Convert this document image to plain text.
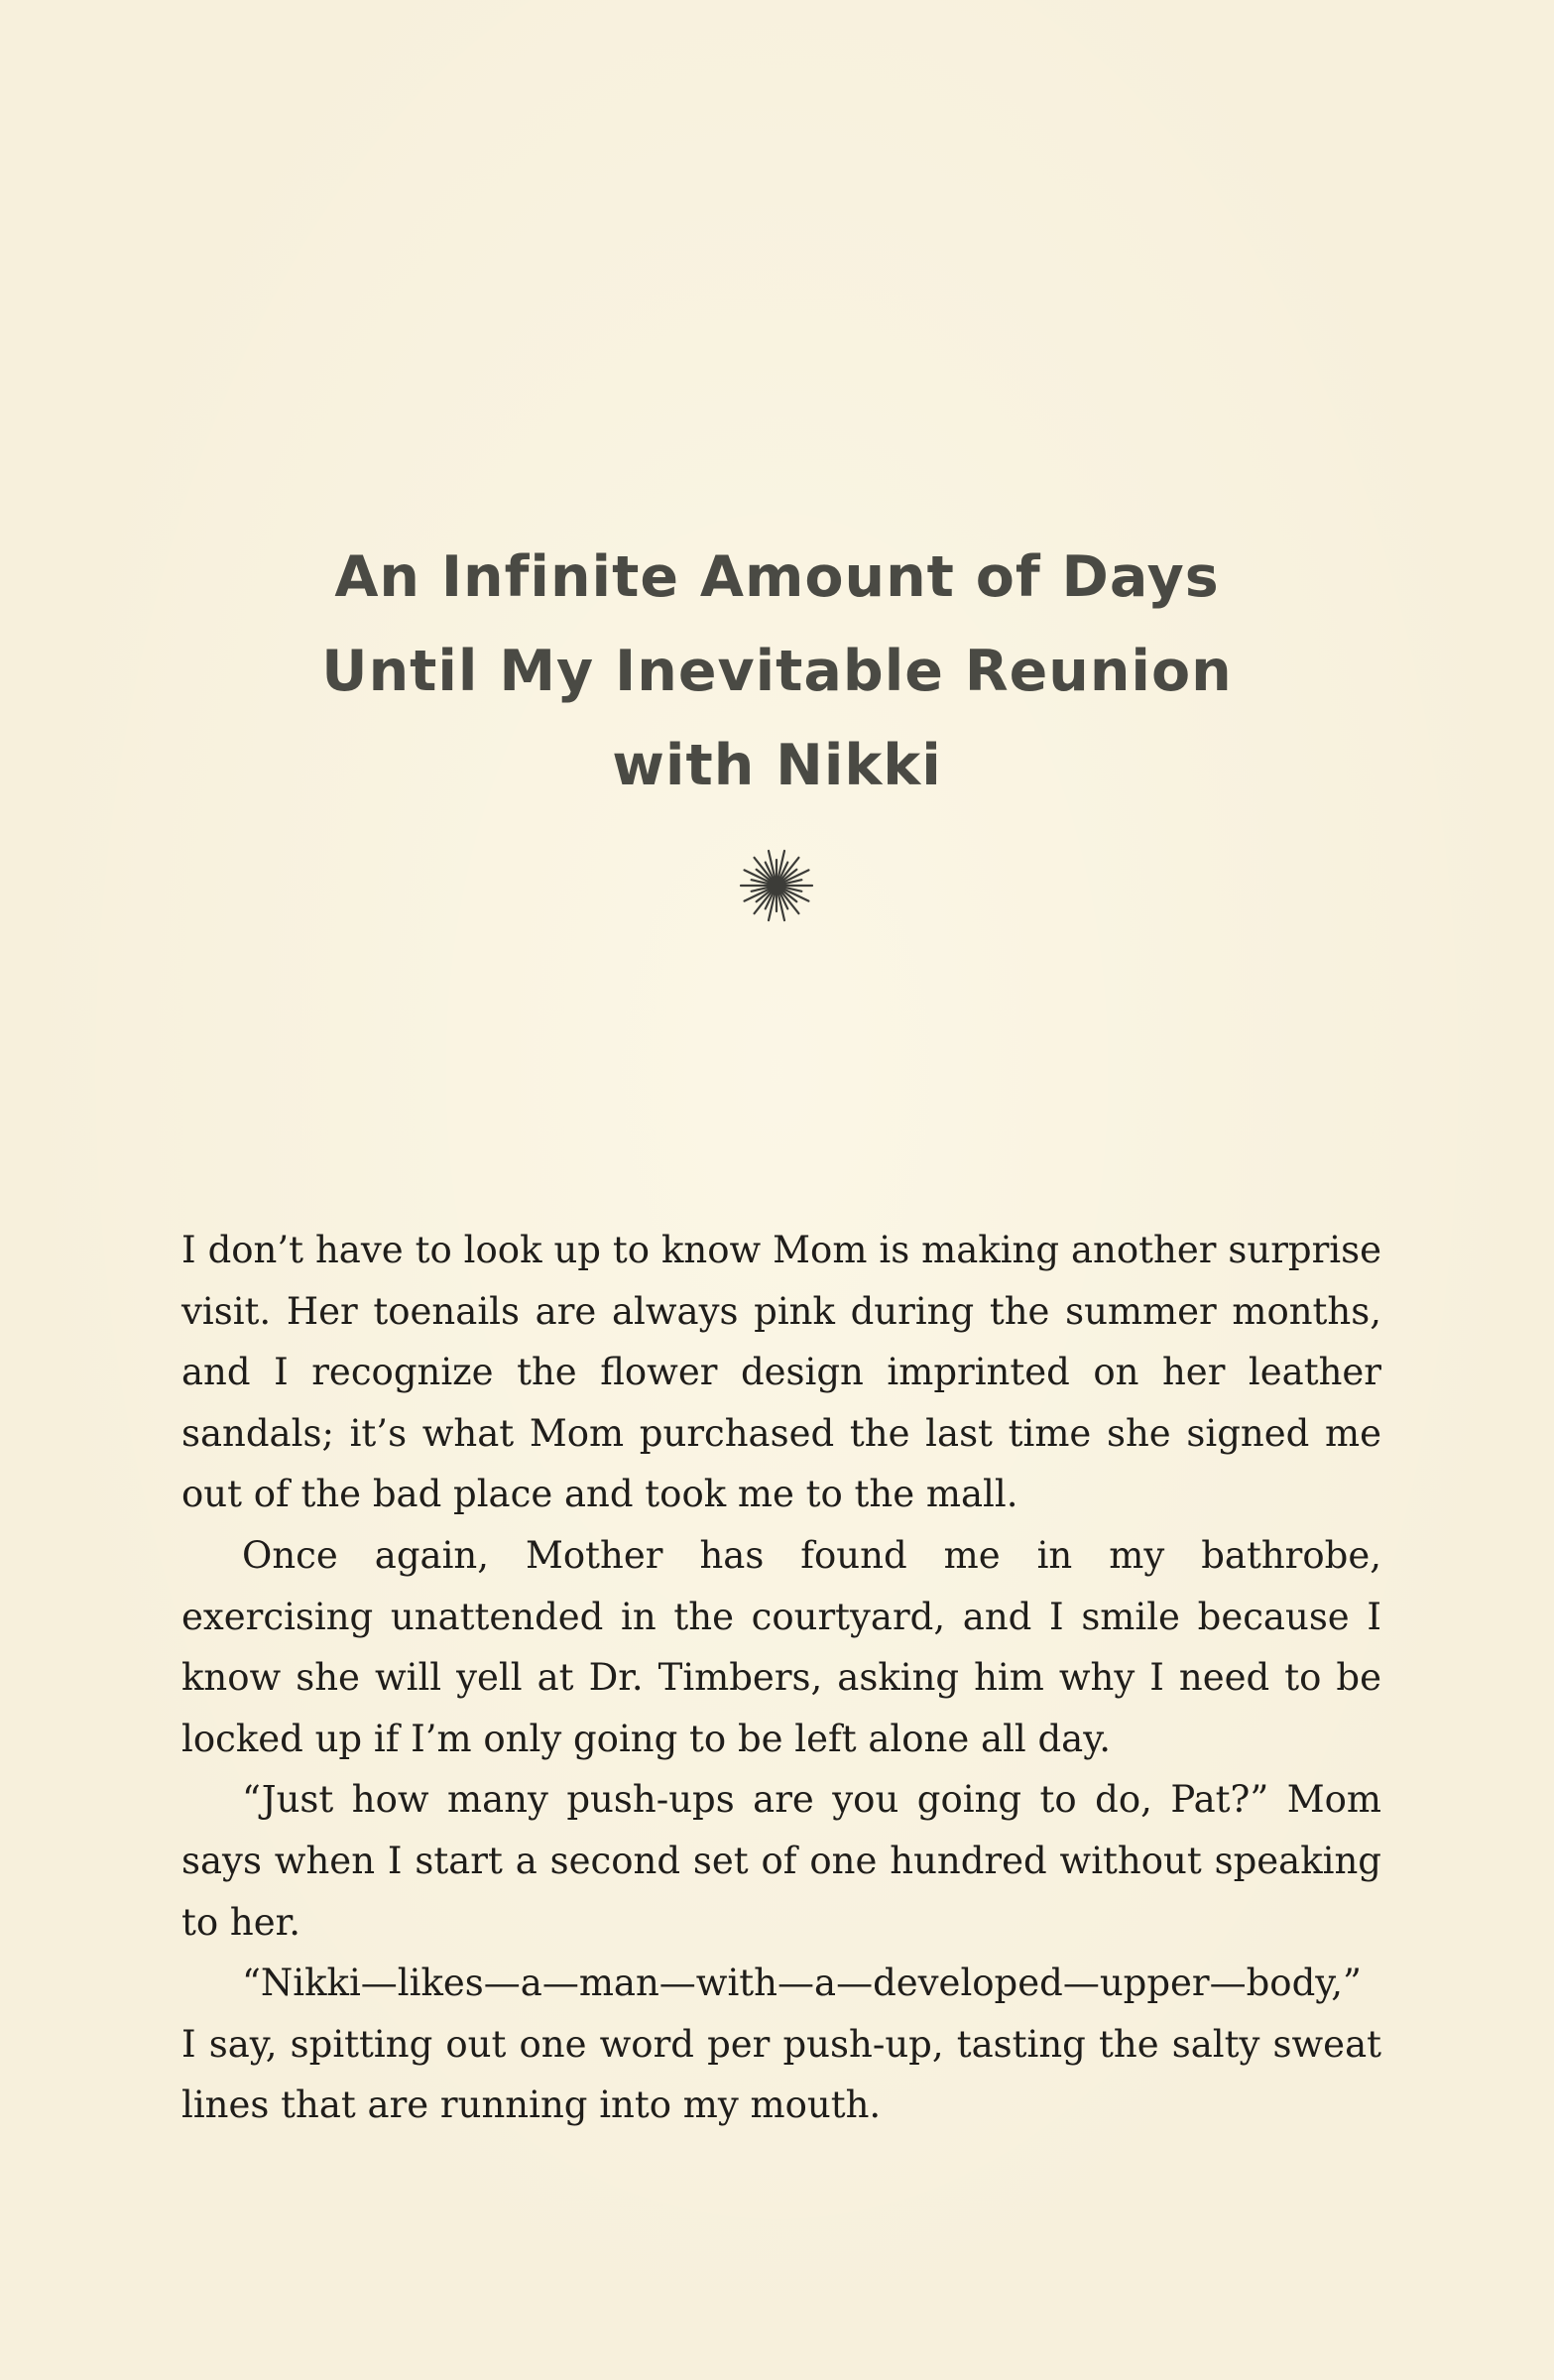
An Infinite Amount of Days
Until My Inevitable Reunion
with Nikki

I don’t have to look up to know Mom is making another surprise visit. Her toenails are always pink during the summer months, and I recognize the flower design imprinted on her leather sandals; it’s what Mom purchased the last time she signed me out of the bad place and took me to the mall.

Once again, Mother has found me in my bathrobe, exercising unattended in the courtyard, and I smile because I know she will yell at Dr. Timbers, asking him why I need to be locked up if I’m only going to be left alone all day.

“Just how many push-ups are you going to do, Pat?” Mom says when I start a second set of one hundred without speaking to her.

“Nikki—likes—a—man—with—a—developed—upper—body,” I say, spitting out one word per push-up, tasting the salty sweat lines that are running into my mouth.
